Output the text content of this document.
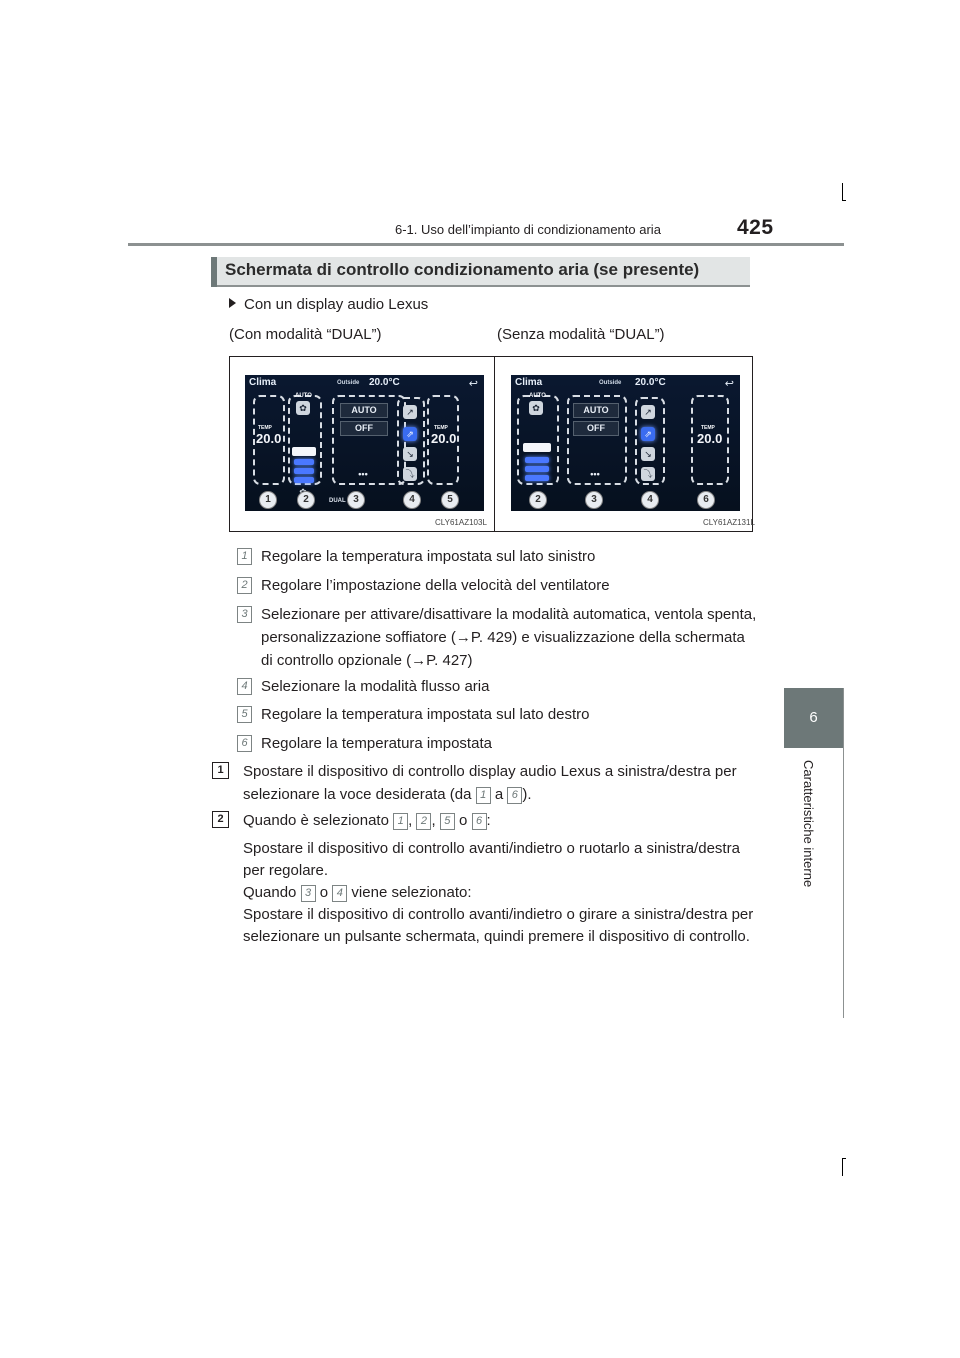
6-1. Uso dell’impianto di condizionamento aria	425
6
Caratteristiche interne
Schermata di controllo condizionamento aria (se presente)
Con un display audio Lexus
(Con modalità “DUAL”)	(Senza modalità “DUAL”)
Clima	Outside 20.0°C	↩
TEMP
20.0
TEMP
20.0
AUTO
✿	AUTO
OFF
•••
↗
⇗
↘
⤵
DUAL
1	2	3	4	5
CLY61AZ103L
Clima	Outside 20.0°C	↩
AUTO
✿	AUTO
OFF
•••
↗
⇗
↘
⤵
TEMP
20.0
2	3	4	6
CLY61AZ131L
1 Regolare la temperatura impostata sul lato sinistro
2 Regolare l’impostazione della velocità del ventilatore
3 Selezionare per attivare/disattivare la modalità automatica, ventola spenta,
personalizzazione soffiatore (→P. 429) e visualizzazione della schermata
di controllo opzionale (→P. 427)
4 Selezionare la modalità flusso aria
5 Regolare la temperatura impostata sul lato destro
6 Regolare la temperatura impostata
1	Spostare il dispositivo di controllo display audio Lexus a sinistra/destra per
selezionare la voce desiderata (da 1 a 6 ).
2	Quando è selezionato 1 , 2 , 5 o 6 :
Spostare il dispositivo di controllo avanti/indietro o ruotarlo a sinistra/destra
per regolare.
Quando 3 o 4 viene selezionato:
Spostare il dispositivo di controllo avanti/indietro o girare a sinistra/destra per
selezionare un pulsante schermata, quindi premere il dispositivo di controllo.
